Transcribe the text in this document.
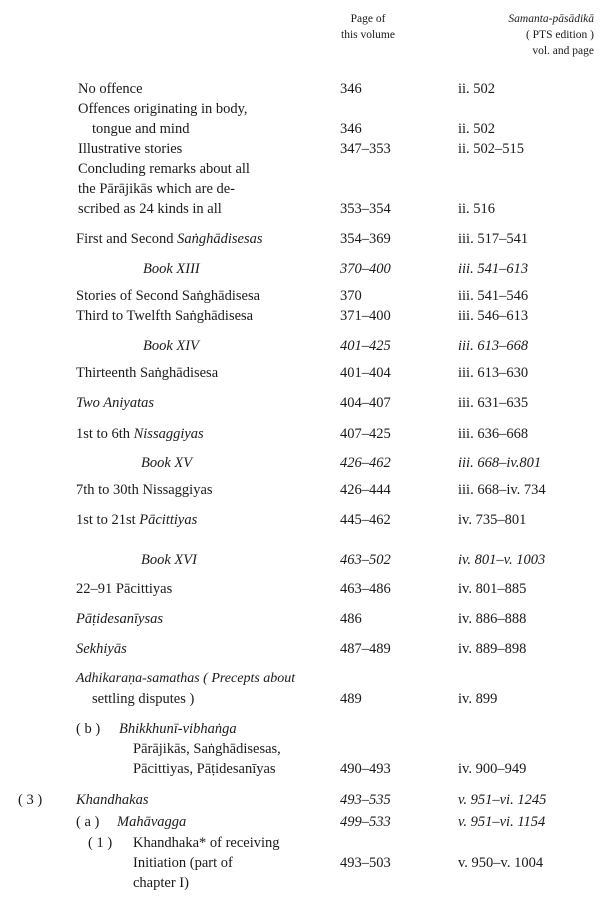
Page of
this volume
Samanta-pāsādikā
( PTS edition )
vol. and page
No offence	346	ii. 502
Offences originating in body,
tongue and mind	346	ii. 502
Illustrative stories	347–353	ii. 502–515
Concluding remarks about all
the Pārājikās which are de-
scribed as 24 kinds in all	353–354	ii. 516
First and Second Saṅghādisesas	354–369	iii. 517–541
Book XIII	370–400	iii. 541–613
Stories of Second Saṅghādisesa	370	iii. 541–546
Third to Twelfth Saṅghādisesa	371–400	iii. 546–613
Book XIV	401–425	iii. 613–668
Thirteenth Saṅghādisesa	401–404	iii. 613–630
Two Aniyatas	404–407	iii. 631–635
1st to 6th Nissaggiyas	407–425	iii. 636–668
Book XV	426–462	iii. 668–iv.801
7th to 30th Nissaggiyas	426–444	iii. 668–iv. 734
1st to 21st Pācittiyas	445–462	iv. 735–801
Book XVI	463–502	iv. 801–v. 1003
22–91 Pācittiyas	463–486	iv. 801–885
Pāṭidesanīysas	486	iv. 886–888
Sekhiyās	487–489	iv. 889–898
Adhikaraṇa-samathas ( Precepts about
settling disputes )	489	iv. 899
( b ) Bhikkhunī-vibhaṅga
Pārājikās, Saṅghādisesas,
Pācittiyas, Pāṭidesanīyas	490–493	iv. 900–949
( 3 ) Khandhakas	493–535	v. 951–vi. 1245
( a ) Mahāvagga	499–533	v. 951–vi. 1154
( 1 ) Khandhaka* of receiving
Initiation (part of
chapter I)
493–503	v. 950–v. 1004
